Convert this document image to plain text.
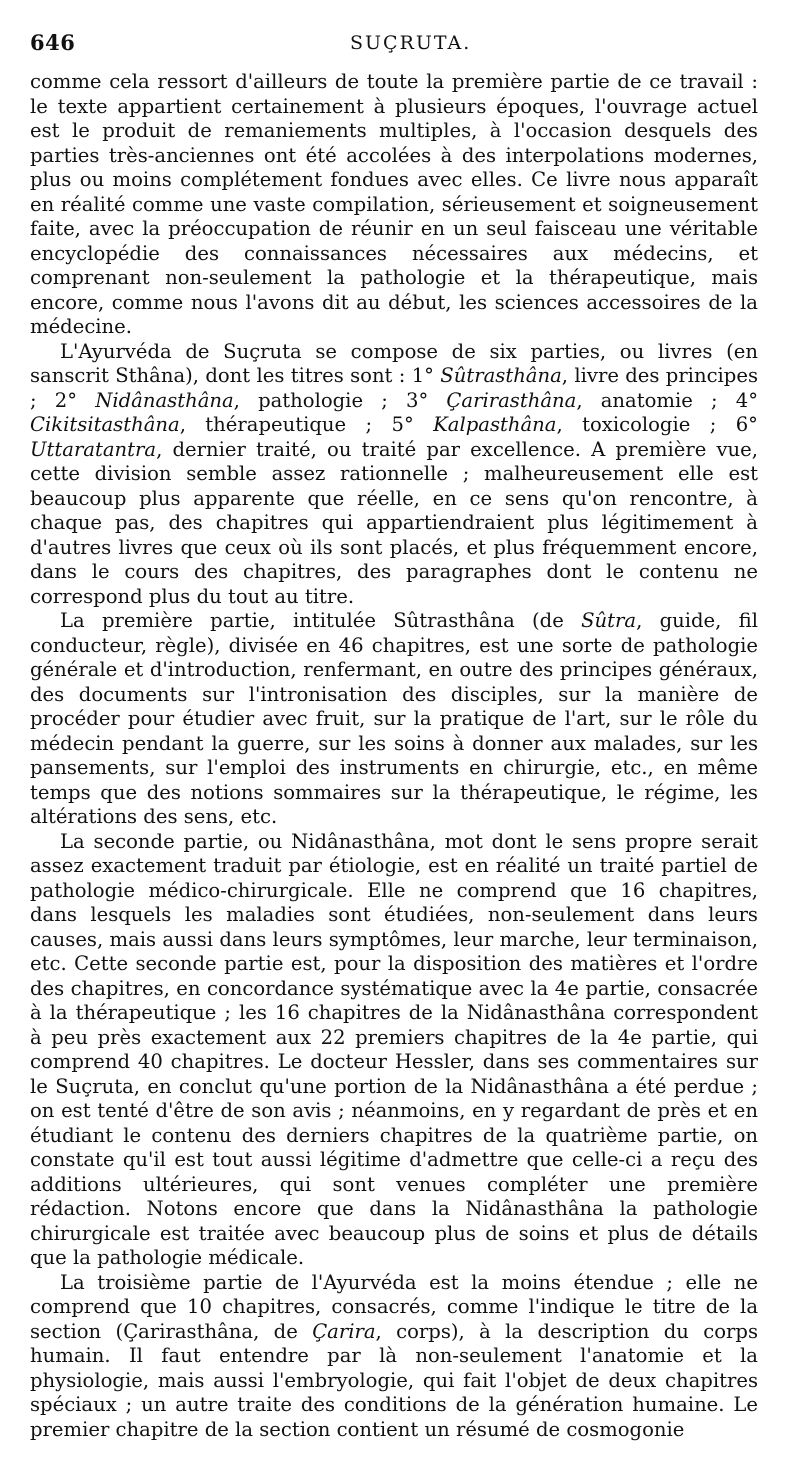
646	SUÇRUTA.

comme cela ressort d'ailleurs de toute la première partie de ce travail : le texte appartient certainement à plusieurs époques, l'ouvrage actuel est le produit de remaniements multiples, à l'occasion desquels des parties très-anciennes ont été accolées à des interpolations modernes, plus ou moins complétement fondues avec elles. Ce livre nous apparaît en réalité comme une vaste compilation, sérieusement et soigneusement faite, avec la préoccupation de réunir en un seul faisceau une véritable encyclopédie des connaissances nécessaires aux médecins, et comprenant non-seulement la pathologie et la thérapeutique, mais encore, comme nous l'avons dit au début, les sciences accessoires de la médecine.

L'Ayurvéda de Suçruta se compose de six parties, ou livres (en sanscrit Sthâna), dont les titres sont : 1° Sûtrasthâna, livre des principes ; 2° Nidânasthâna, pathologie ; 3° Çarirasthâna, anatomie ; 4° Cikitsitasthâna, thérapeutique ; 5° Kalpasthâna, toxicologie ; 6° Uttaratantra, dernier traité, ou traité par excellence. A première vue, cette division semble assez rationnelle ; malheureusement elle est beaucoup plus apparente que réelle, en ce sens qu'on rencontre, à chaque pas, des chapitres qui appartiendraient plus légitimement à d'autres livres que ceux où ils sont placés, et plus fréquemment encore, dans le cours des chapitres, des paragraphes dont le contenu ne correspond plus du tout au titre.

La première partie, intitulée Sûtrasthâna (de Sûtra, guide, fil conducteur, règle), divisée en 46 chapitres, est une sorte de pathologie générale et d'introduction, renfermant, en outre des principes généraux, des documents sur l'intronisation des disciples, sur la manière de procéder pour étudier avec fruit, sur la pratique de l'art, sur le rôle du médecin pendant la guerre, sur les soins à donner aux malades, sur les pansements, sur l'emploi des instruments en chirurgie, etc., en même temps que des notions sommaires sur la thérapeutique, le régime, les altérations des sens, etc.

La seconde partie, ou Nidânasthâna, mot dont le sens propre serait assez exactement traduit par étiologie, est en réalité un traité partiel de pathologie médico-chirurgicale. Elle ne comprend que 16 chapitres, dans lesquels les maladies sont étudiées, non-seulement dans leurs causes, mais aussi dans leurs symptômes, leur marche, leur terminaison, etc. Cette seconde partie est, pour la disposition des matières et l'ordre des chapitres, en concordance systématique avec la 4e partie, consacrée à la thérapeutique ; les 16 chapitres de la Nidânasthâna correspondent à peu près exactement aux 22 premiers chapitres de la 4e partie, qui comprend 40 chapitres. Le docteur Hessler, dans ses commentaires sur le Suçruta, en conclut qu'une portion de la Nidânasthâna a été perdue ; on est tenté d'être de son avis ; néanmoins, en y regardant de près et en étudiant le contenu des derniers chapitres de la quatrième partie, on constate qu'il est tout aussi légitime d'admettre que celle-ci a reçu des additions ultérieures, qui sont venues compléter une première rédaction. Notons encore que dans la Nidânasthâna la pathologie chirurgicale est traitée avec beaucoup plus de soins et plus de détails que la pathologie médicale.

La troisième partie de l'Ayurvéda est la moins étendue ; elle ne comprend que 10 chapitres, consacrés, comme l'indique le titre de la section (Çarirasthâna, de Çarira, corps), à la description du corps humain. Il faut entendre par là non-seulement l'anatomie et la physiologie, mais aussi l'embryologie, qui fait l'objet de deux chapitres spéciaux ; un autre traite des conditions de la génération humaine. Le premier chapitre de la section contient un résumé de cosmogonie
